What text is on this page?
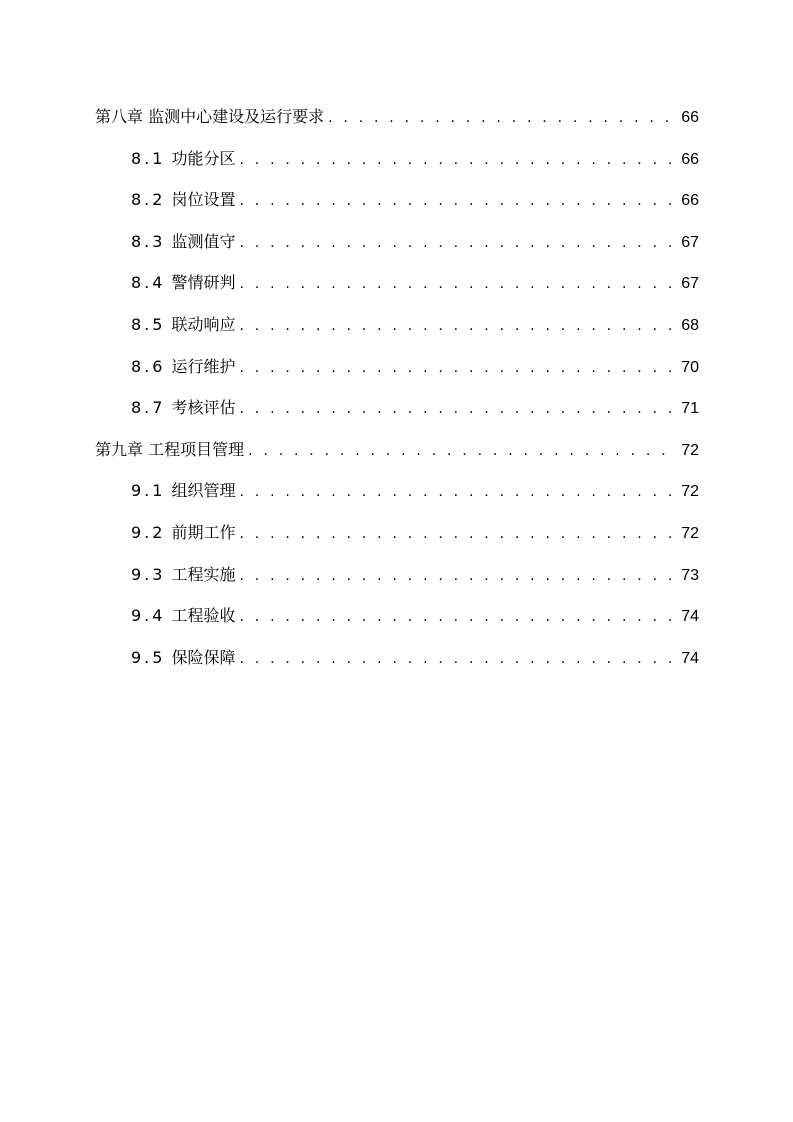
第八章 监测中心建设及运行要求 . . .	66
8.1 功能分区 . . .	66
8.2 岗位设置 . . .	66
8.3 监测值守 . . .	67
8.4 警情研判 . . .	67
8.5 联动响应 . . .	68
8.6 运行维护 . . .	70
8.7 考核评估 . . .	71
第九章 工程项目管理 . . .	72
9.1 组织管理 . . .	72
9.2 前期工作 . . .	72
9.3 工程实施 . . .	73
9.4 工程验收 . . .	74
9.5 保险保障 . . .	74
